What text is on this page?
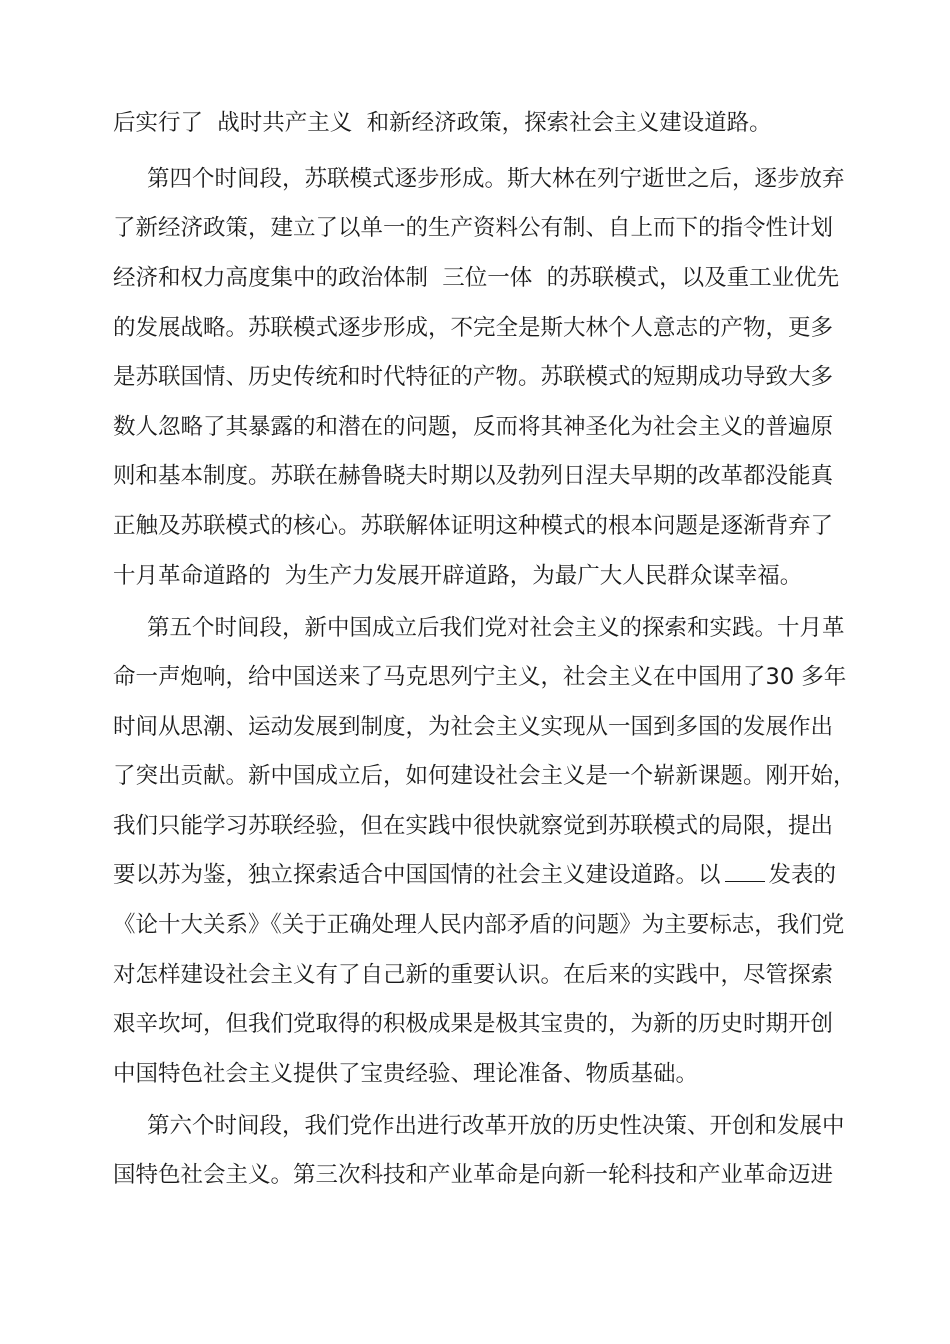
后实行了  战时共产主义  和新经济政策，探索社会主义建设道路。
第四个时间段，苏联模式逐步形成。斯大林在列宁逝世之后，逐步放弃
了新经济政策，建立了以单一的生产资料公有制、自上而下的指令性计划
经济和权力高度集中的政治体制  三位一体  的苏联模式，以及重工业优先
的发展战略。苏联模式逐步形成，不完全是斯大林个人意志的产物，更多
是苏联国情、历史传统和时代特征的产物。苏联模式的短期成功导致大多
数人忽略了其暴露的和潜在的问题，反而将其神圣化为社会主义的普遍原
则和基本制度。苏联在赫鲁晓夫时期以及勃列日涅夫早期的改革都没能真
正触及苏联模式的核心。苏联解体证明这种模式的根本问题是逐渐背弃了
十月革命道路的  为生产力发展开辟道路，为最广大人民群众谋幸福。
第五个时间段，新中国成立后我们党对社会主义的探索和实践。十月革
命一声炮响，给中国送来了马克思列宁主义，社会主义在中国用了30 多年
时间从思潮、运动发展到制度，为社会主义实现从一国到多国的发展作出
了突出贡献。新中国成立后，如何建设社会主义是一个崭新课题。刚开始，
我们只能学习苏联经验，但在实践中很快就察觉到苏联模式的局限，提出
要以苏为鉴，独立探索适合中国国情的社会主义建设道路。以 发表的
《论十大关系》《关于正确处理人民内部矛盾的问题》为主要标志，我们党
对怎样建设社会主义有了自己新的重要认识。在后来的实践中，尽管探索
艰辛坎坷，但我们党取得的积极成果是极其宝贵的，为新的历史时期开创
中国特色社会主义提供了宝贵经验、理论准备、物质基础。
第六个时间段，我们党作出进行改革开放的历史性决策、开创和发展中
国特色社会主义。第三次科技和产业革命是向新一轮科技和产业革命迈进
